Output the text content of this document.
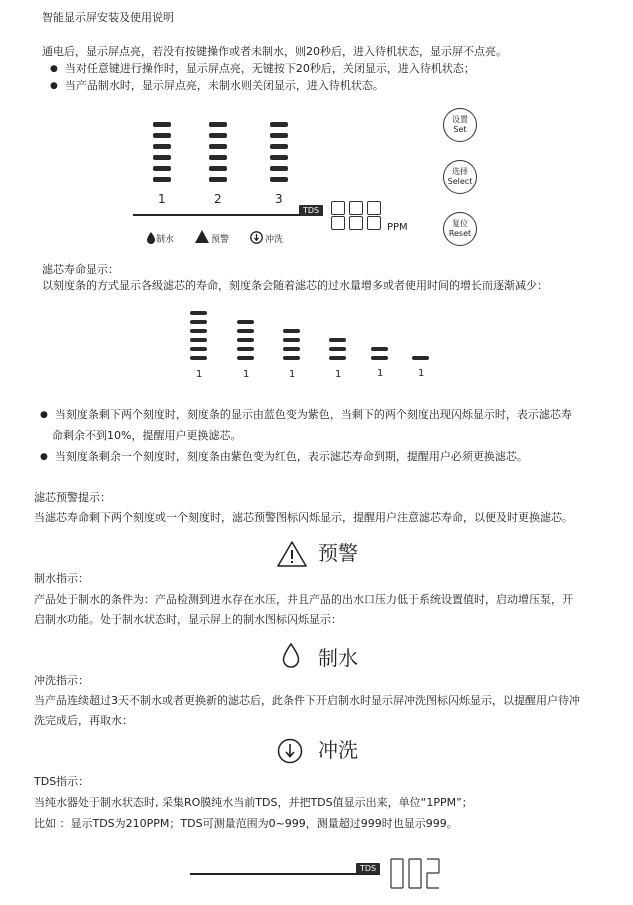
智能显示屏安装及使用说明
通电后，显示屏点亮，若没有按键操作或者未制水，则20秒后，进入待机状态，显示屏不点亮。
● 当对任意键进行操作时，显示屏点亮，无键按下20秒后，关闭显示，进入待机状态；
● 当产品制水时，显示屏点亮，未制水则关闭显示，进入待机状态。
1	2	3
TDS
PPM
制水	预警	冲洗
设置
Set
选择
Select
复位
Reset
滤芯寿命显示：
以刻度条的方式显示各级滤芯的寿命，刻度条会随着滤芯的过水量增多或者使用时间的增长而逐渐减少：
1	1	1	1	1	1
● 当刻度条剩下两个刻度时，刻度条的显示由蓝色变为紫色，当剩下的两个刻度出现闪烁显示时，表示滤芯寿
命剩余不到10%，提醒用户更换滤芯。
● 当刻度条剩余一个刻度时，刻度条由紫色变为红色，表示滤芯寿命到期，提醒用户必须更换滤芯。
滤芯预警提示：
当滤芯寿命剩下两个刻度或一个刻度时，滤芯预警图标闪烁显示，提醒用户注意滤芯寿命，以便及时更换滤芯。
预警
制水指示：
产品处于制水的条件为：产品检测到进水存在水压，并且产品的出水口压力低于系统设置值时，启动增压泵，开
启制水功能。处于制水状态时，显示屏上的制水图标闪烁显示：
制水
冲洗指示：
当产品连续超过3天不制水或者更换新的滤芯后，此条件下开启制水时显示屏冲洗图标闪烁显示，以提醒用户待冲
洗完成后，再取水：
冲洗
TDS指示：
当纯水器处于制水状态时, 采集RO膜纯水当前TDS，并把TDS值显示出来，单位“1PPM”；
比如 ：显示TDS为210PPM；TDS可测量范围为0~999，测量超过999时也显示999。
TDS
